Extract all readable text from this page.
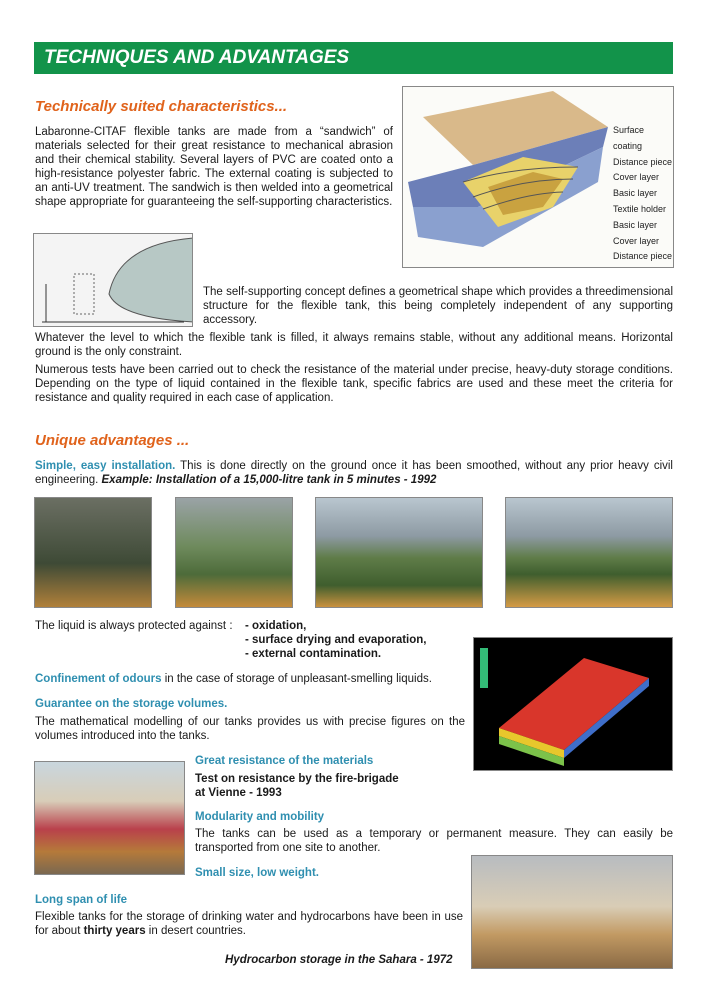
TECHNIQUES AND ADVANTAGES
Technically suited characteristics...
Labaronne-CITAF flexible tanks are made from a “sandwich” of materials selected for their great resistance to mechanical abrasion and their chemical stability. Several layers of PVC are coated onto a high-resistance polyester fabric. The external coating is subjected to an anti-UV treatment. The sandwich is then welded into a geometrical shape appropriate for guaranteeing the self-supporting characteristics.
Surface coating
Distance piece
Cover layer
Basic layer
Textile holder
Basic layer
Cover layer
Distance piece
The self-supporting concept defines a geometrical shape which provides a threedimensional structure for the flexible tank, this being completely independent of any supporting accessory.
Whatever the level to which the flexible tank is filled, it always remains stable, without any additional means. Horizontal ground is the only constraint.
Numerous tests have been carried out to check the resistance of the material under precise, heavy-duty storage conditions. Depending on the type of liquid contained in the flexible tank, specific fabrics are used and these meet the criteria for resistance and quality required in each case of application.
Unique advantages ...
Simple, easy installation. This is done directly on the ground once it has been smoothed, without any prior heavy civil engineering. Example: Installation of a 15,000-litre tank in 5 minutes - 1992
The liquid is always protected against :	- oxidation,
- surface drying and evaporation,
- external contamination.
Confinement of odours in the case of storage of unpleasant-smelling liquids.
Guarantee on the storage volumes.
The mathematical modelling of our tanks provides us with precise figures on the volumes introduced into the tanks.
Great resistance of the materials
Test on resistance by the fire-brigade
at Vienne - 1993
Modularity and mobility
The tanks can be used as a temporary or permanent measure. They can easily be transported from one site to another.
Small size, low weight.
Long span of life
Flexible tanks for the storage of drinking water and hydrocarbons have been in use for about thirty years in desert countries.
Hydrocarbon storage in the Sahara - 1972
